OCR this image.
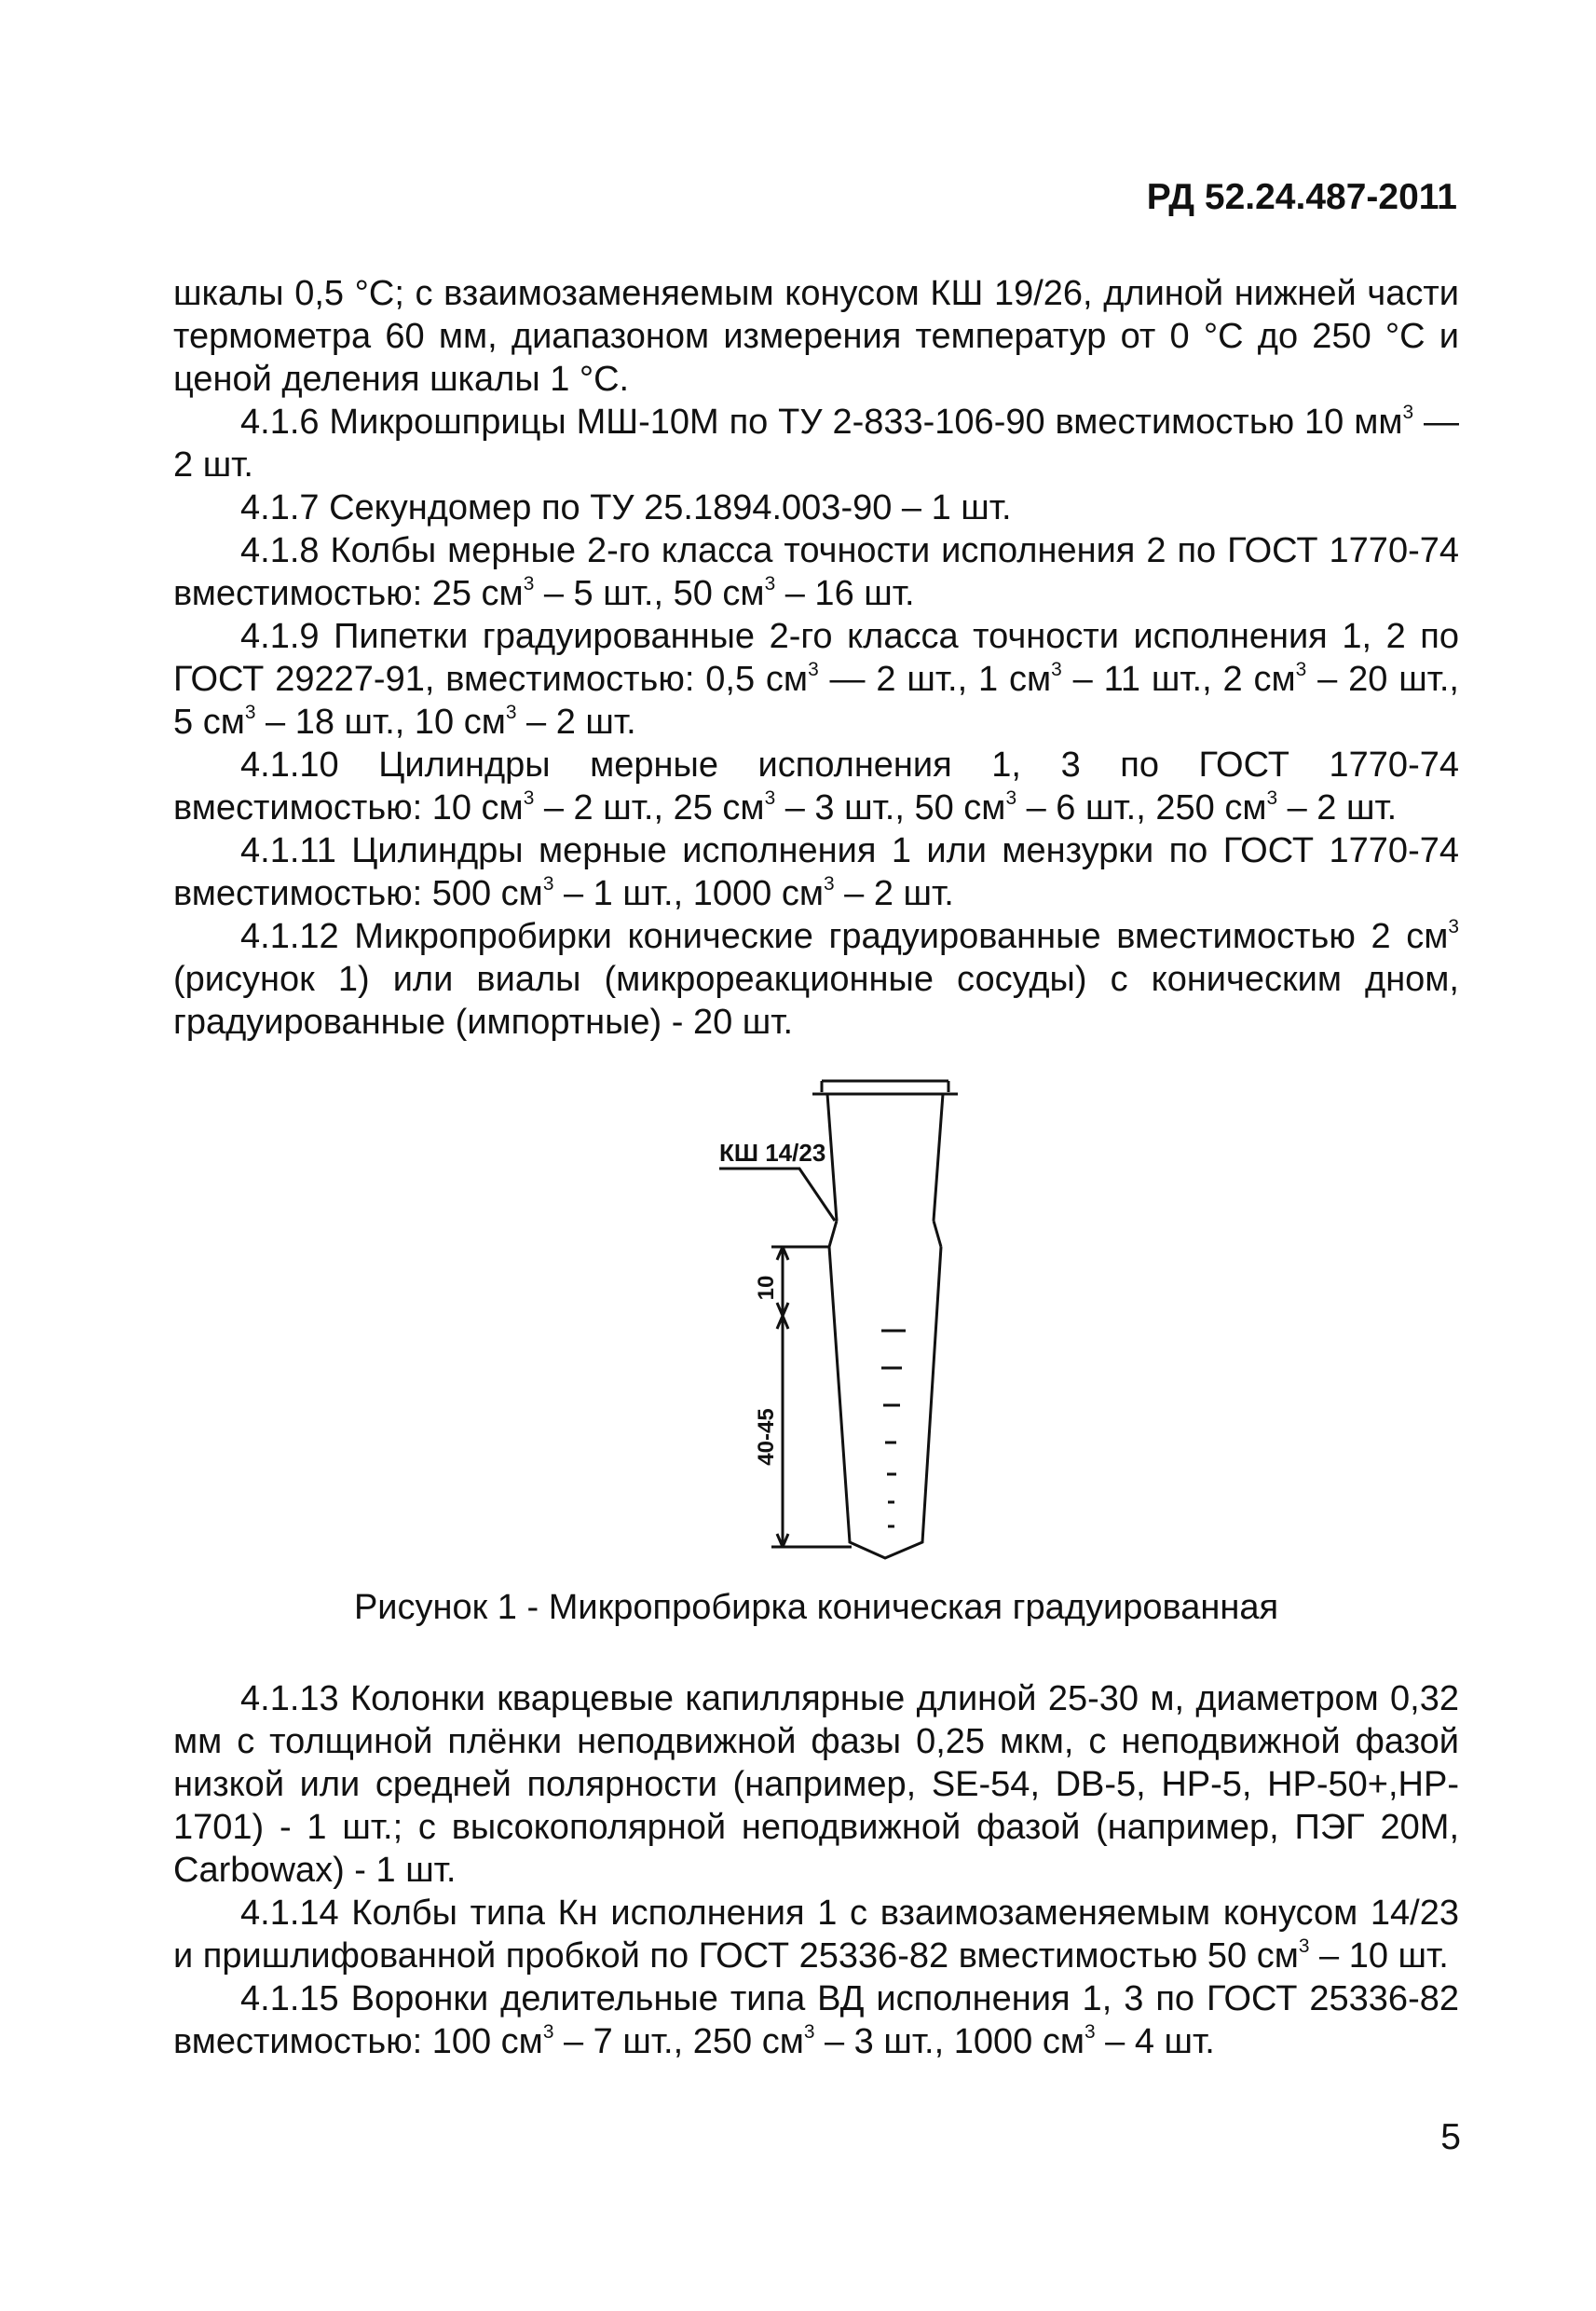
РД 52.24.487-2011

шкалы 0,5 °С; с взаимозаменяемым конусом КШ 19/26, длиной нижней части термометра 60 мм, диапазоном измерения температур от 0 °С до 250 °С и ценой деления шкалы 1 °С.

4.1.6 Микрошприцы МШ-10М по ТУ 2-833-106-90 вместимостью 10 $мм^3$ — 2 шт.

4.1.7 Секундомер по ТУ 25.1894.003-90 – 1 шт.

4.1.8 Колбы мерные 2-го класса точности исполнения 2 по ГОСТ 1770-74 вместимостью: 25 $см^3 - 5$ шт., 50 $см^3 - 16$ шт.

4.1.9 Пипетки градуированные 2-го класса точности исполнения 1, 2 по ГОСТ 29227-91, вместимостью: 0,5 $см^3$ — 2 шт., 1 $см^3 - 11$ шт., 2 $см^3 - 20$ шт., 5 $см^3 - 18$ шт., 10 $см^3 - 2$ шт.

4.1.10 Цилиндры мерные исполнения 1, 3 по ГОСТ 1770-74 вместимостью: 10 $см^3 - 2$ шт., 25 $см^3 - 3$ шт., 50 $см^3 - 6$ шт., 250 $см^3 - 2$ шт.

4.1.11 Цилиндры мерные исполнения 1 или мензурки по ГОСТ 1770-74 вместимостью: 500 $см^3 - 1$ шт., 1000 $см^3 - 2$ шт.

4.1.12 Микропробирки конические градуированные вместимостью 2 $см^3$ (рисунок 1) или виалы (микрореакционные сосуды) с коническим дном, градуированные (импортные) - 20 шт.

КШ 14/23
10
40-45
Рисунок 1 - Микропробирка коническая градуированная

4.1.13 Колонки кварцевые капиллярные длиной 25-30 м, диаметром 0,32 мм с толщиной плёнки неподвижной фазы 0,25 мкм, с неподвижной фазой низкой или средней полярности (например, SE-54, DB-5, HP-5, HP-50+,HP-1701) - 1 шт.; с высокополярной неподвижной фазой (например, ПЭГ 20М, Carbowax) - 1 шт.

4.1.14 Колбы типа Кн исполнения 1 с взаимозаменяемым конусом 14/23 и пришлифованной пробкой по ГОСТ 25336-82 вместимостью 50 $см^3 - 10$ шт.

4.1.15 Воронки делительные типа ВД исполнения 1, 3 по ГОСТ 25336-82 вместимостью: 100 $см^3 - 7$ шт., 250 $см^3 - 3$ шт., 1000 $см^3 - 4$ шт.

5
